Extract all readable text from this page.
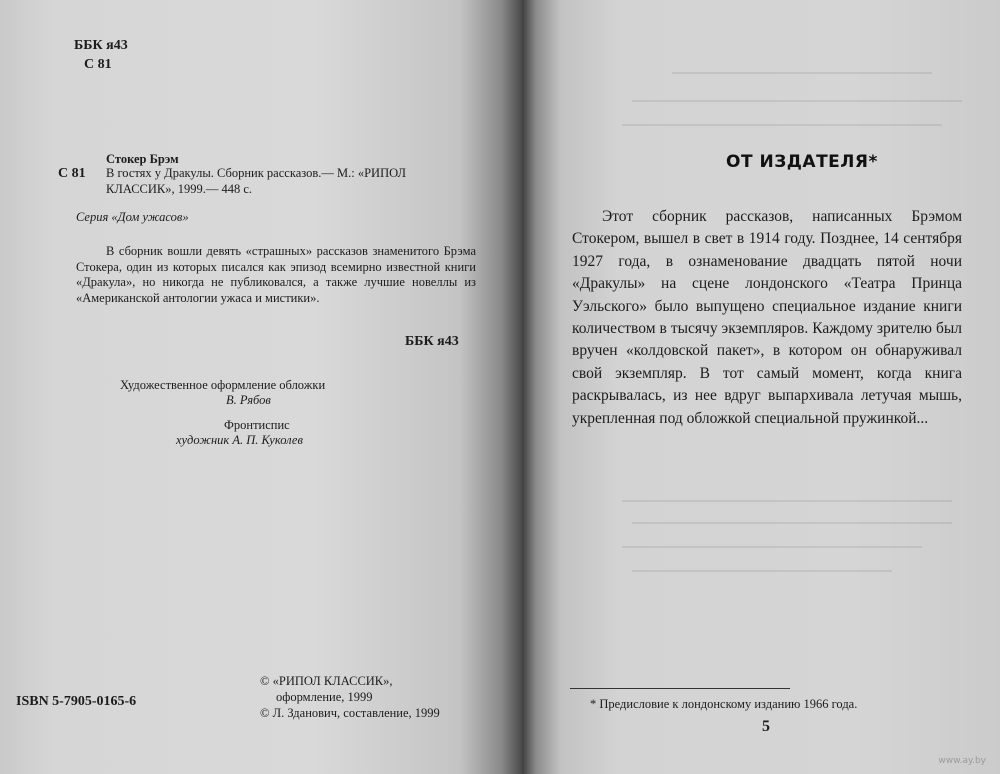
ББК я43
С 81
Стокер Брэм
С 81 В гостях у Дракулы. Сборник рассказов.— М.: «РИПОЛ
КЛАССИК», 1999.— 448 с.
Серия «Дом ужасов»
В сборник вошли девять «страшных» рассказов знаменитого Брэма Стокера, один из которых писался как эпизод всемирно известной книги «Дракула», но никогда не публиковался, а также лучшие новеллы из «Американской антологии ужаса и мистики».
ББК я43
Художественное оформление обложки
В. Рябов
Фронтиспис
художник А. П. Куколев
ISBN 5-7905-0165-6
© «РИПОЛ КЛАССИК»,
оформление, 1999
© Л. Зданович, составление, 1999
ОТ ИЗДАТЕЛЯ*
Этот сборник рассказов, написанных Брэмом Стокером, вышел в свет в 1914 году. Позднее, 14 сентября 1927 года, в ознаменование двадцать пятой ночи «Дракулы» на сцене лондонского «Театра Принца Уэльского» было выпущено специальное издание книги количеством в тысячу экземпляров. Каждому зрителю был вручен «колдовской пакет», в котором он обнаруживал свой экземпляр. В тот самый момент, когда книга раскрывалась, из нее вдруг выпархивала летучая мышь, укрепленная под обложкой специальной пружинкой...
* Предисловие к лондонскому изданию 1966 года.
5
www.ay.by
